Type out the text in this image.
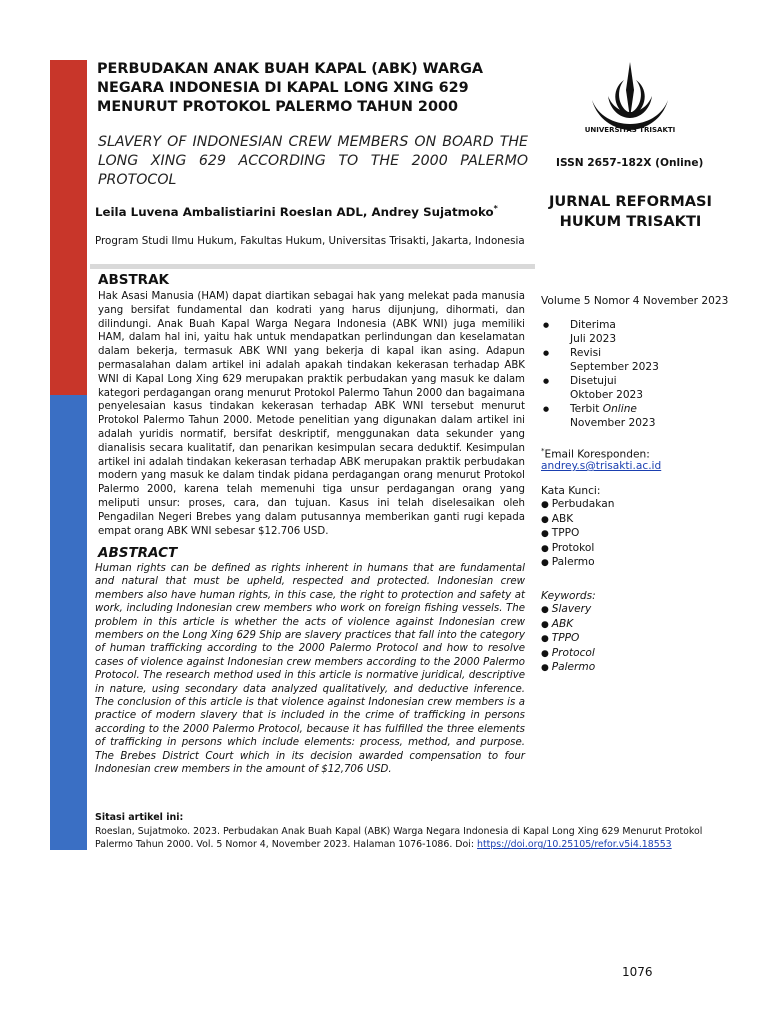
PERBUDAKAN ANAK BUAH KAPAL (ABK) WARGA NEGARA INDONESIA DI KAPAL LONG XING 629 MENURUT PROTOKOL PALERMO TAHUN 2000
SLAVERY OF INDONESIAN CREW MEMBERS ON BOARD THE LONG XING 629 ACCORDING TO THE 2000 PALERMO PROTOCOL
Leila Luvena Ambalistiarini Roeslan ADL, Andrey Sujatmoko*
Program Studi Ilmu Hukum, Fakultas Hukum, Universitas Trisakti, Jakarta, Indonesia
ABSTRAK
Hak Asasi Manusia (HAM) dapat diartikan sebagai hak yang melekat pada manusia yang bersifat fundamental dan kodrati yang harus dijunjung, dihormati, dan dilindungi. Anak Buah Kapal Warga Negara Indonesia (ABK WNI) juga memiliki HAM, dalam hal ini, yaitu hak untuk mendapatkan perlindungan dan keselamatan dalam bekerja, termasuk ABK WNI yang bekerja di kapal ikan asing. Adapun permasalahan dalam artikel ini adalah apakah tindakan kekerasan terhadap ABK WNI di Kapal Long Xing 629 merupakan praktik perbudakan yang masuk ke dalam kategori perdagangan orang menurut Protokol Palermo Tahun 2000 dan bagaimana penyelesaian kasus tindakan kekerasan terhadap ABK WNI tersebut menurut Protokol Palermo Tahun 2000. Metode penelitian yang digunakan dalam artikel ini adalah yuridis normatif, bersifat deskriptif, menggunakan data sekunder yang dianalisis secara kualitatif, dan penarikan kesimpulan secara deduktif. Kesimpulan artikel ini adalah tindakan kekerasan terhadap ABK merupakan praktik perbudakan modern yang masuk ke dalam tindak pidana perdagangan orang menurut Protokol Palermo 2000, karena telah memenuhi tiga unsur perdagangan orang yang meliputi unsur: proses, cara, dan tujuan. Kasus ini telah diselesaikan oleh Pengadilan Negeri Brebes yang dalam putusannya memberikan ganti rugi kepada empat orang ABK WNI sebesar $12.706 USD.
ABSTRACT
Human rights can be defined as rights inherent in humans that are fundamental and natural that must be upheld, respected and protected. Indonesian crew members also have human rights, in this case, the right to protection and safety at work, including Indonesian crew members who work on foreign fishing vessels. The problem in this article is whether the acts of violence against Indonesian crew members on the Long Xing 629 Ship are slavery practices that fall into the category of human trafficking according to the 2000 Palermo Protocol and how to resolve cases of violence against Indonesian crew members according to the 2000 Palermo Protocol. The research method used in this article is normative juridical, descriptive in nature, using secondary data analyzed qualitatively, and deductive inference. The conclusion of this article is that violence against Indonesian crew members is a practice of modern slavery that is included in the crime of trafficking in persons according to the 2000 Palermo Protocol, because it has fulfilled the three elements of trafficking in persons which include elements: process, method, and purpose. The Brebes District Court which in its decision awarded compensation to four Indonesian crew members in the amount of $12,706 USD.
Sitasi artikel ini:
Roeslan, Sujatmoko. 2023. Perbudakan Anak Buah Kapal (ABK) Warga Negara Indonesia di Kapal Long Xing 629 Menurut Protokol Palermo Tahun 2000. Vol. 5 Nomor 4, November 2023. Halaman 1076-1086. Doi: https://doi.org/10.25105/refor.v5i4.18553
UNIVERSITAS TRISAKTI
ISSN 2657-182X (Online)
JURNAL REFORMASI HUKUM TRISAKTI
Volume 5 Nomor 4 November 2023
● Diterima
Juli 2023
● Revisi
September 2023
● Disetujui
Oktober 2023
● Terbit Online
November 2023
*Email Koresponden:
andrey.s@trisakti.ac.id
Kata Kunci:
● Perbudakan
● ABK
● TPPO
● Protokol
● Palermo
Keywords:
● Slavery
● ABK
● TPPO
● Protocol
● Palermo
1076
